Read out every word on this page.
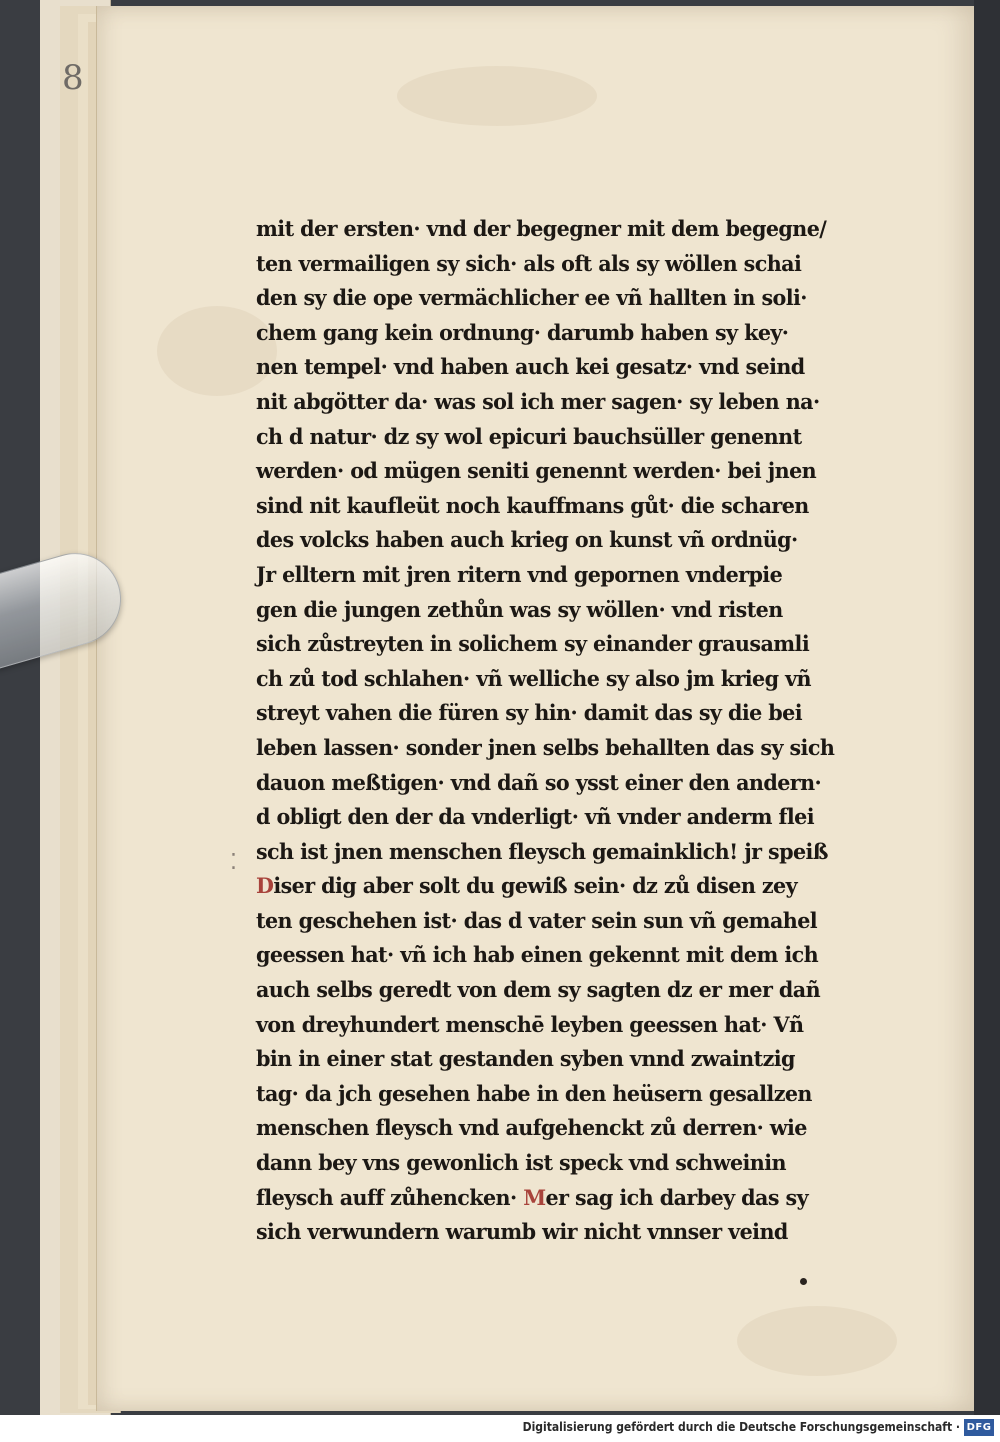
8
mit der ersten· vnd der begegner mit dem begegne/
ten vermailigen sy sich· als oft als sy wöllen schai
den sy die ope vermächlicher ee vñ hallten in soli·
chem gang kein ordnung· darumb haben sy key·
nen tempel· vnd haben auch kei gesatz· vnd seind
nit abgötter da· was sol ich mer sagen· sy leben na·
ch d natur· dz sy wol epicuri bauchsüller genennt
werden· od mügen seniti genennt werden· bei jnen
sind nit kaufleüt noch kauffmans gůt· die scharen
des volcks haben auch krieg on kunst vñ ordnüg·
Jr elltern mit jren ritern vnd gepornen vnderpie
gen die jungen zethůn was sy wöllen· vnd risten
sich zůstreyten in solichem sy einander grausamli
ch zů tod schlahen· vñ welliche sy also jm krieg vñ
streyt vahen die füren sy hin· damit das sy die bei
leben lassen· sonder jnen selbs behallten das sy sich
dauon meßtigen· vnd dañ so ysst einer den andern·
d obligt den der da vnderligt· vñ vnder anderm flei
sch ist jnen menschen fleysch gemainklich! jr speiß
Diser dig aber solt du gewiß sein· dz zů disen zey
ten geschehen ist· das d vater sein sun vñ gemahel
geessen hat· vñ ich hab einen gekennt mit dem ich
auch selbs geredt von dem sy sagten dz er mer dañ
von dreyhundert menschē leyben geessen hat· Vñ
bin in einer stat gestanden syben vnnd zwaintzig
tag· da jch gesehen habe in den heüsern gesallzen
menschen fleysch vnd aufgehenckt zů derren· wie
dann bey vns gewonlich ist speck vnd schweinin
fleysch auff zůhencken· Mer sag ich darbey das sy
sich verwundern warumb wir nicht vnnser veind
⁚
Digitalisierung gefördert durch die Deutsche Forschungsgemeinschaft · DFG
